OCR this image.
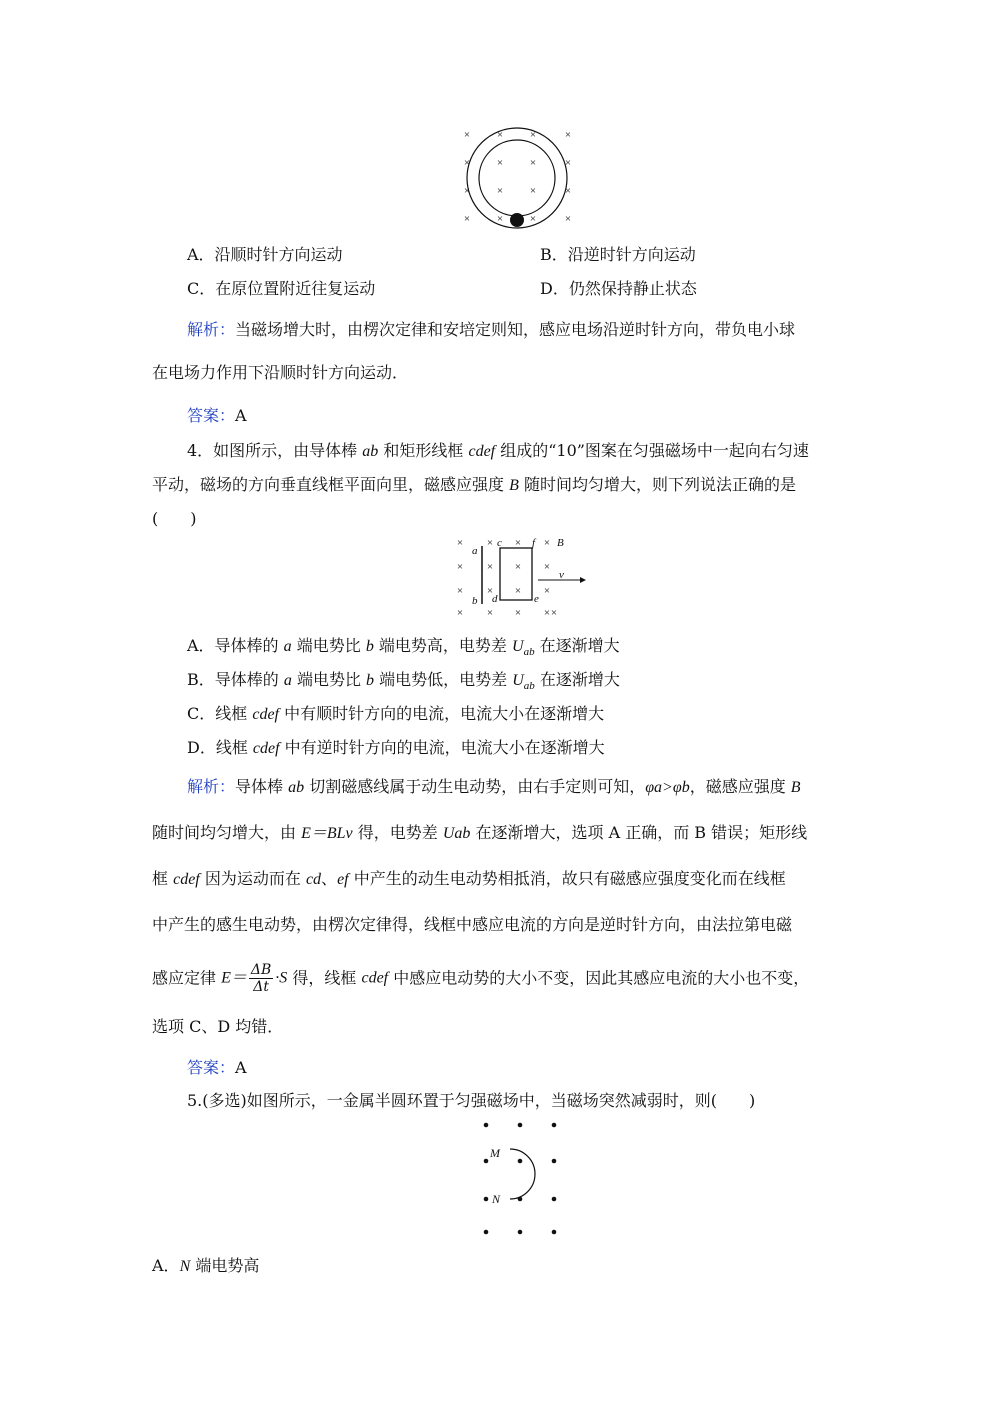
× × ×	×
× ×
×	×
× × ×	×
× × ×	×
A．沿顺时针方向运动	B．沿逆时针方向运动
C．在原位置附近往复运动	D．仍然保持静止状态
解析：当磁场增大时，由楞次定律和安培定则知，感应电场沿逆时针方向，带负电小球
在电场力作用下沿顺时针方向运动．
答案：A
4．如图所示，由导体棒 ab 和矩形线框 cdef 组成的“10”图案在匀强磁场中一起向右匀速
平动，磁场的方向垂直线框平面向里，磁感应强度 B 随时间均匀增大，则下列说法正确的是
(　　)
× ×	×
× × × ×
× × × ×
× × × ×
×
×
a
b
c
d	e
f B
v
A．导体棒的 a 端电势比 b 端电势高，电势差 $U_{ab}$ 在逐渐增大
B．导体棒的 a 端电势比 b 端电势低，电势差 $U_{ab}$ 在逐渐增大
C．线框 cdef 中有顺时针方向的电流，电流大小在逐渐增大
D．线框 cdef 中有逆时针方向的电流，电流大小在逐渐增大
解析：导体棒 ab 切割磁感线属于动生电动势，由右手定则可知，φa>φb，磁感应强度 B
随时间均匀增大，由 E＝BLv 得，电势差 Uab 在逐渐增大，选项 A 正确，而 B 错误；矩形线
框 cdef 因为运动而在 cd、ef 中产生的动生电动势相抵消，故只有磁感应强度变化而在线框
中产生的感生电动势，由楞次定律得，线框中感应电流的方向是逆时针方向，由法拉第电磁
感应定律 $E= \frac{\Delta B}{\Delta t} \cdot S$ 得，线框 cdef 中感应电动势的大小不变，因此其感应电流的大小也不变，
选项 C、D 均错．
答案：A
5.(多选)如图所示，一金属半圆环置于匀强磁场中，当磁场突然减弱时，则(　　)
M
N
A．N 端电势高
